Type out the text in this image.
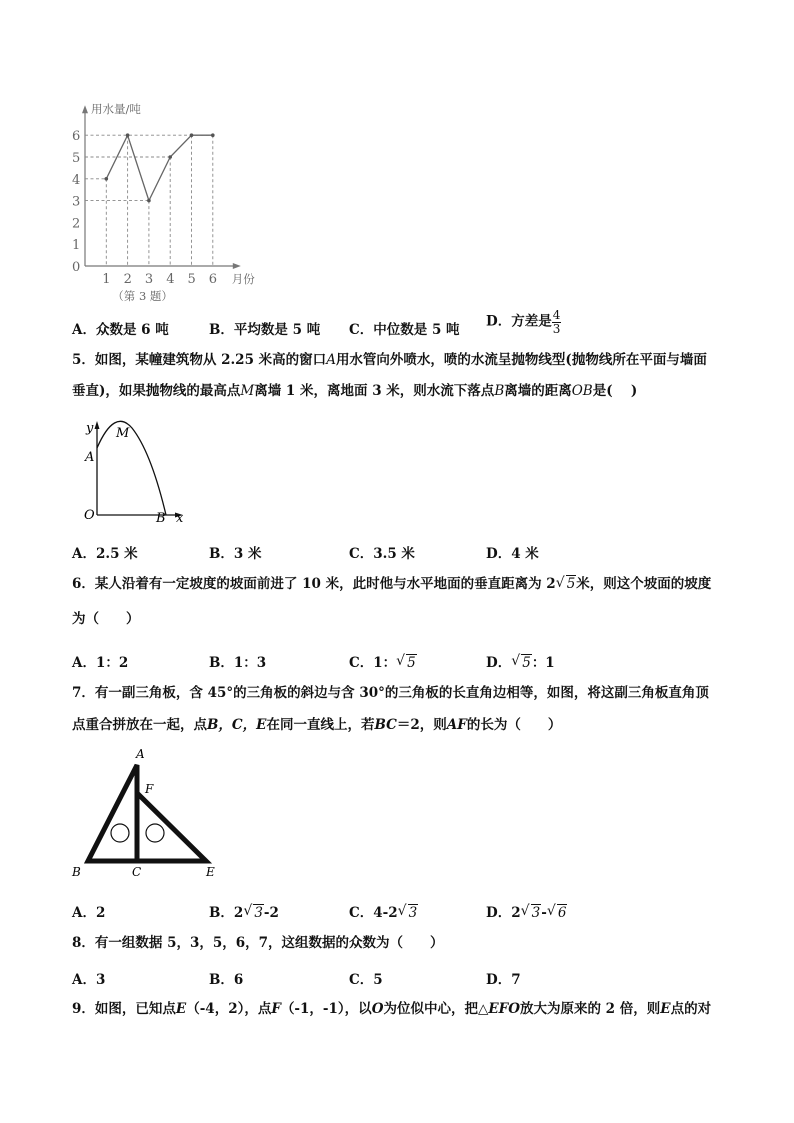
0
1
2
3
4
5
6
1 2 3 4 5 6
用水量/吨
月份
（第 3 题）
A．众数是 6 吨	B．平均数是 5 吨 C．中位数是 5 吨
D．方差是 $\frac{4}{3}$
5．如图，某幢建筑物从 2.25 米高的窗口A用水管向外喷水，喷的水流呈抛物线型(抛物线所在平面与墙面
垂直)，如果抛物线的最高点M离墙 1 米，离地面 3 米，则水流下落点B离墙的距离OB是(　 )
y M
A
O	B x
A．2.5 米	B．3 米	C．3.5 米	D．4 米
6．某人沿着有一定坡度的坡面前进了 10 米，此时他与水平地面的垂直距离为 2 √ 5米，则这个坡面的坡度
为（　　）
A．1：2	B．1：3	C．1： √ 5	D． √ 5：1
7．有一副三角板，含 45°的三角板的斜边与含 30°的三角板的长直角边相等，如图，将这副三角板直角顶
点重合拼放在一起，点B，C，E在同一直线上，若BC＝2，则AF的长为（　　）
A
F
B	C	E
A．2	B．2 √ 3-2	C．4-2 √ 3	D．2 √ 3- √ 6
8．有一组数据 5，3，5，6，7，这组数据的众数为（　　）
A．3	B．6	C．5	D．7
9．如图，已知点E（-4，2），点F（-1，-1），以O为位似中心，把△EFO放大为原来的 2 倍，则E点的对
